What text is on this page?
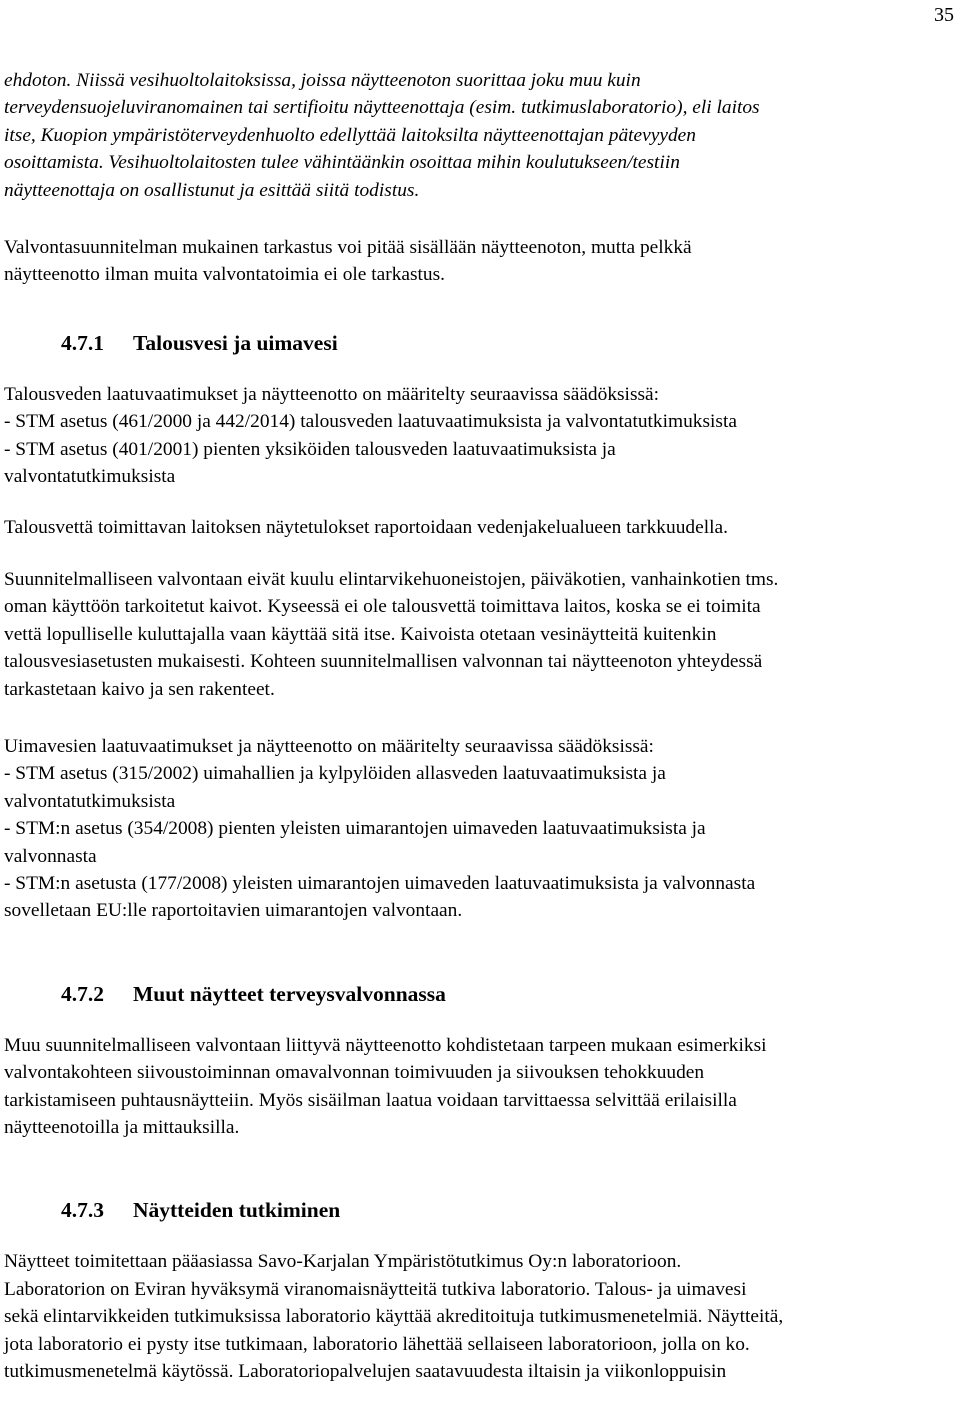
35

ehdoton. Niissä vesihuoltolaitoksissa, joissa näytteenoton suorittaa joku muu kuin
terveydensuojeluviranomainen tai sertifioitu näytteenottaja (esim. tutkimuslaboratorio), eli laitos
itse, Kuopion ympäristöterveydenhuolto edellyttää laitoksilta näytteenottajan pätevyyden
osoittamista. Vesihuoltolaitosten tulee vähintäänkin osoittaa mihin koulutukseen/testiin
näytteenottaja on osallistunut ja esittää siitä todistus.

Valvontasuunnitelman mukainen tarkastus voi pitää sisällään näytteenoton, mutta pelkkä
näytteenotto ilman muita valvontatoimia ei ole tarkastus.

4.7.1 Talousvesi ja uimavesi

Talousveden laatuvaatimukset ja näytteenotto on määritelty seuraavissa säädöksissä:
- STM asetus (461/2000 ja 442/2014) talousveden laatuvaatimuksista ja valvontatutkimuksista
- STM asetus (401/2001) pienten yksiköiden talousveden laatuvaatimuksista ja
valvontatutkimuksista

Talousvettä toimittavan laitoksen näytetulokset raportoidaan vedenjakelualueen tarkkuudella.

Suunnitelmalliseen valvontaan eivät kuulu elintarvikehuoneistojen, päiväkotien, vanhainkotien tms.
oman käyttöön tarkoitetut kaivot. Kyseessä ei ole talousvettä toimittava laitos, koska se ei toimita
vettä lopulliselle kuluttajalla vaan käyttää sitä itse. Kaivoista otetaan vesinäytteitä kuitenkin
talousvesiasetusten mukaisesti. Kohteen suunnitelmallisen valvonnan tai näytteenoton yhteydessä
tarkastetaan kaivo ja sen rakenteet.

Uimavesien laatuvaatimukset ja näytteenotto on määritelty seuraavissa säädöksissä:
- STM asetus (315/2002) uimahallien ja kylpylöiden allasveden laatuvaatimuksista ja
valvontatutkimuksista
- STM:n asetus (354/2008) pienten yleisten uimarantojen uimaveden laatuvaatimuksista ja
valvonnasta
- STM:n asetusta (177/2008) yleisten uimarantojen uimaveden laatuvaatimuksista ja valvonnasta
sovelletaan EU:lle raportoitavien uimarantojen valvontaan.

4.7.2 Muut näytteet terveysvalvonnassa

Muu suunnitelmalliseen valvontaan liittyvä näytteenotto kohdistetaan tarpeen mukaan esimerkiksi
valvontakohteen siivoustoiminnan omavalvonnan toimivuuden ja siivouksen tehokkuuden
tarkistamiseen puhtausnäytteiin. Myös sisäilman laatua voidaan tarvittaessa selvittää erilaisilla
näytteenotoilla ja mittauksilla.

4.7.3 Näytteiden tutkiminen

Näytteet toimitettaan pääasiassa Savo-Karjalan Ympäristötutkimus Oy:n laboratorioon.
Laboratorion on Eviran hyväksymä viranomaisnäytteitä tutkiva laboratorio. Talous- ja uimavesi
sekä elintarvikkeiden tutkimuksissa laboratorio käyttää akreditoituja tutkimusmenetelmiä. Näytteitä,
jota laboratorio ei pysty itse tutkimaan, laboratorio lähettää sellaiseen laboratorioon, jolla on ko.
tutkimusmenetelmä käytössä. Laboratoriopalvelujen saatavuudesta iltaisin ja viikonloppuisin
